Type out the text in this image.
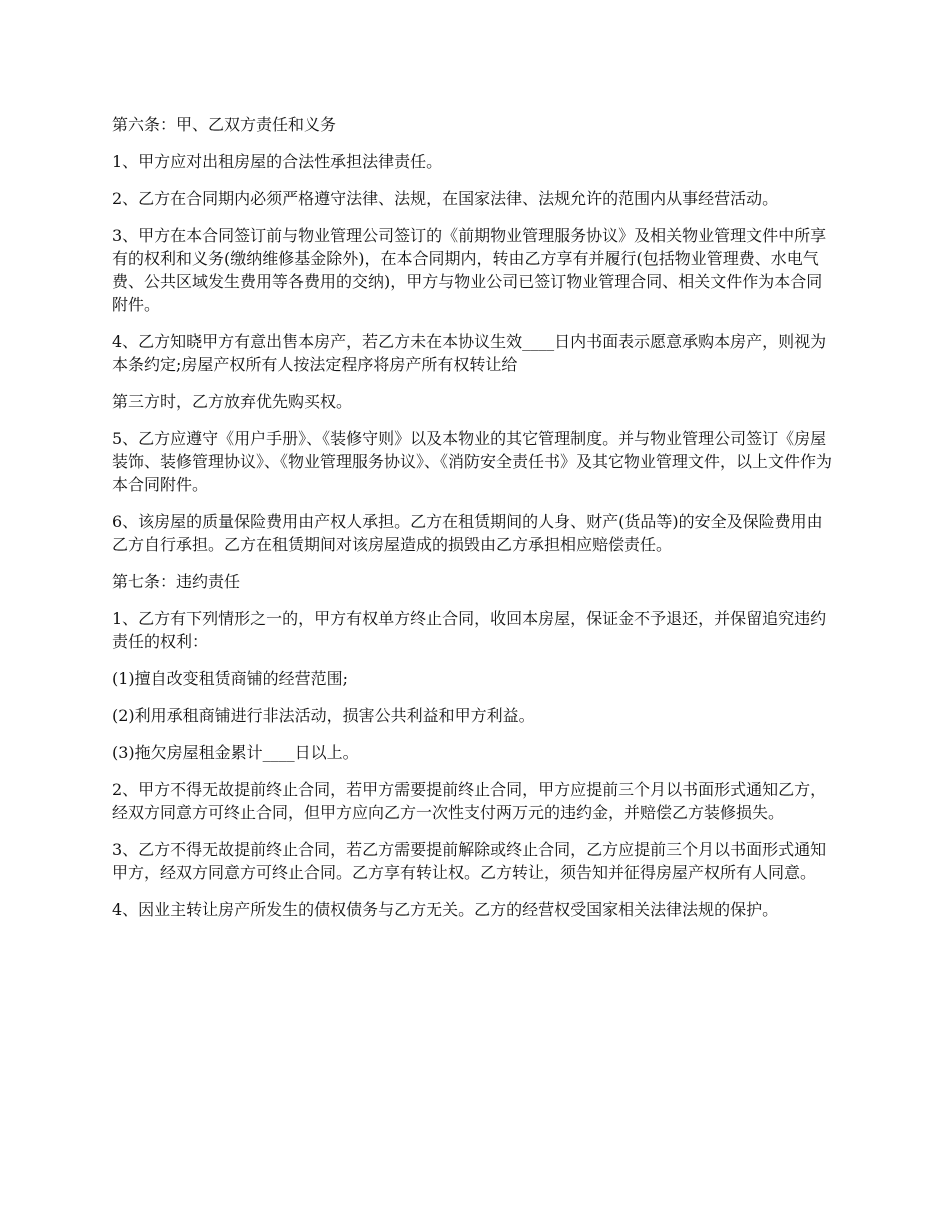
第六条：甲、乙双方责任和义务

1、甲方应对出租房屋的合法性承担法律责任。

2、乙方在合同期内必须严格遵守法律、法规，在国家法律、法规允许的范围内从事经营活动。

3、甲方在本合同签订前与物业管理公司签订的《前期物业管理服务协议》及相关物业管理文件中所享有的权利和义务(缴纳维修基金除外)，在本合同期内，转由乙方享有并履行(包括物业管理费、水电气费、公共区域发生费用等各费用的交纳)，甲方与物业公司已签订物业管理合同、相关文件作为本合同附件。

4、乙方知晓甲方有意出售本房产，若乙方未在本协议生效____日内书面表示愿意承购本房产，则视为本条约定;房屋产权所有人按法定程序将房产所有权转让给

第三方时，乙方放弃优先购买权。

5、乙方应遵守《用户手册》、《装修守则》以及本物业的其它管理制度。并与物业管理公司签订《房屋装饰、装修管理协议》、《物业管理服务协议》、《消防安全责任书》及其它物业管理文件，以上文件作为本合同附件。

6、该房屋的质量保险费用由产权人承担。乙方在租赁期间的人身、财产(货品等)的安全及保险费用由乙方自行承担。乙方在租赁期间对该房屋造成的损毁由乙方承担相应赔偿责任。

第七条：违约责任

1、乙方有下列情形之一的，甲方有权单方终止合同，收回本房屋，保证金不予退还，并保留追究违约责任的权利：

(1)擅自改变租赁商铺的经营范围;

(2)利用承租商铺进行非法活动，损害公共利益和甲方利益。

(3)拖欠房屋租金累计____日以上。

2、甲方不得无故提前终止合同，若甲方需要提前终止合同，甲方应提前三个月以书面形式通知乙方，经双方同意方可终止合同，但甲方应向乙方一次性支付两万元的违约金，并赔偿乙方装修损失。

3、乙方不得无故提前终止合同，若乙方需要提前解除或终止合同，乙方应提前三个月以书面形式通知甲方，经双方同意方可终止合同。乙方享有转让权。乙方转让，须告知并征得房屋产权所有人同意。

4、因业主转让房产所发生的债权债务与乙方无关。乙方的经营权受国家相关法律法规的保护。
